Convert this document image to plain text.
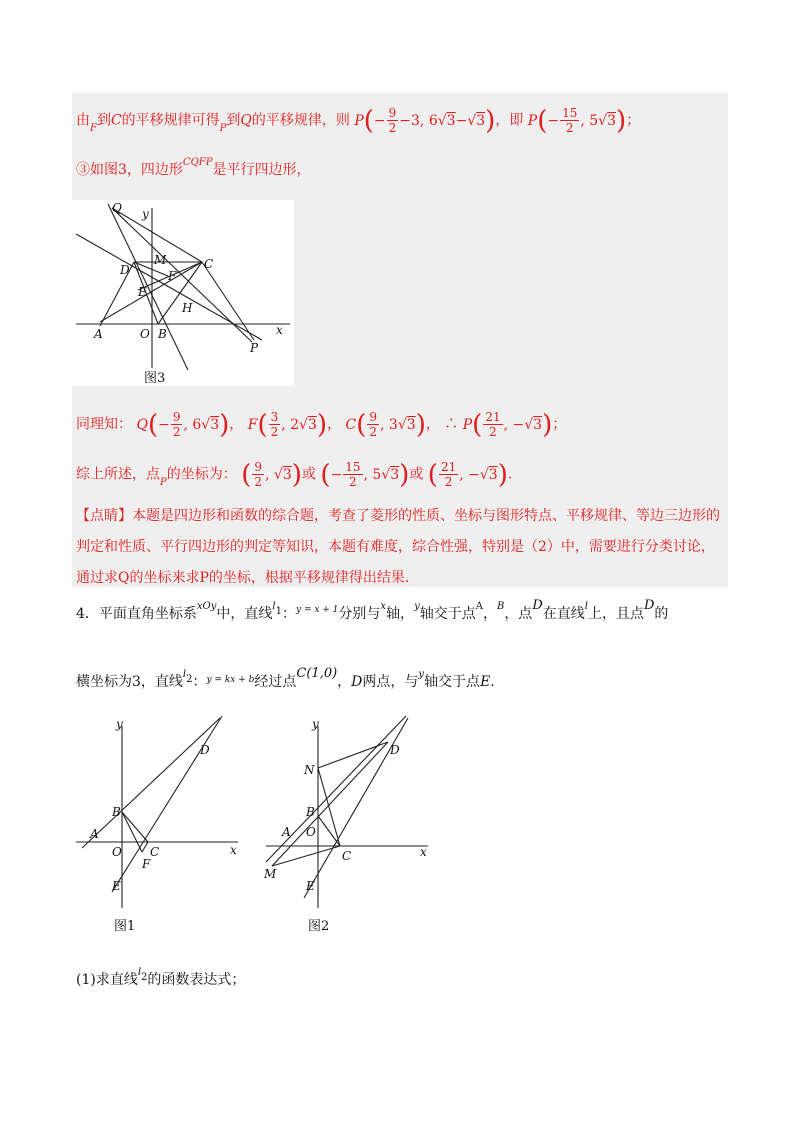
由$_F$到C的平移规律可得$_P$到Q的平移规律，则 $P(- \frac{9}{2} -3$, 6√3−√3)，即 $P(- \frac{15}{2}$ , 5√3)；
③如图3，四边形$^{CQFP}$是平行四边形，
Q y
D
M
F
C
E
H
A	O B	x
P
图3
同理知： $Q(- \frac{9}{2}$ , 6√3)， $F( \frac{3}{2}$ , 2√3)， $C( \frac{9}{2}$ , 3√3)， ∴ $P( \frac{21}{2}$ , −√3)；
综上所述，点$_P$的坐标为： ( $\frac{9}{2}$ , √3)或 (− $\frac{15}{2}$ , 5√3)或 ( $\frac{21}{2}$ , −√3).
【点睛】本题是四边形和函数的综合题，考查了菱形的性质、坐标与图形特点、平移规律、等边三边形的
判定和性质、平行四边形的判定等知识，本题有难度，综合性强，特别是（2）中，需要进行分类讨论，
通过求Q的坐标来求P的坐标，根据平移规律得出结果.
4．平面直角坐标系$^{xOy}$中，直线$^{l1}$：$^{y = x + 1}$分别与$^x$轴，$^y$轴交于点$^A$，$^B$，点D在直线$^l$上，且点D的
横坐标为3，直线$^{l2}$：$^{y = kx + b}$经过点C(1,0)，D两点，与$^y$轴交于点E.
y
D
B
A
O C
F
x
E
图1
y
D
N
B
A O
C	x
M
E
图2
(1)求直线$^{l2}$的函数表达式；
